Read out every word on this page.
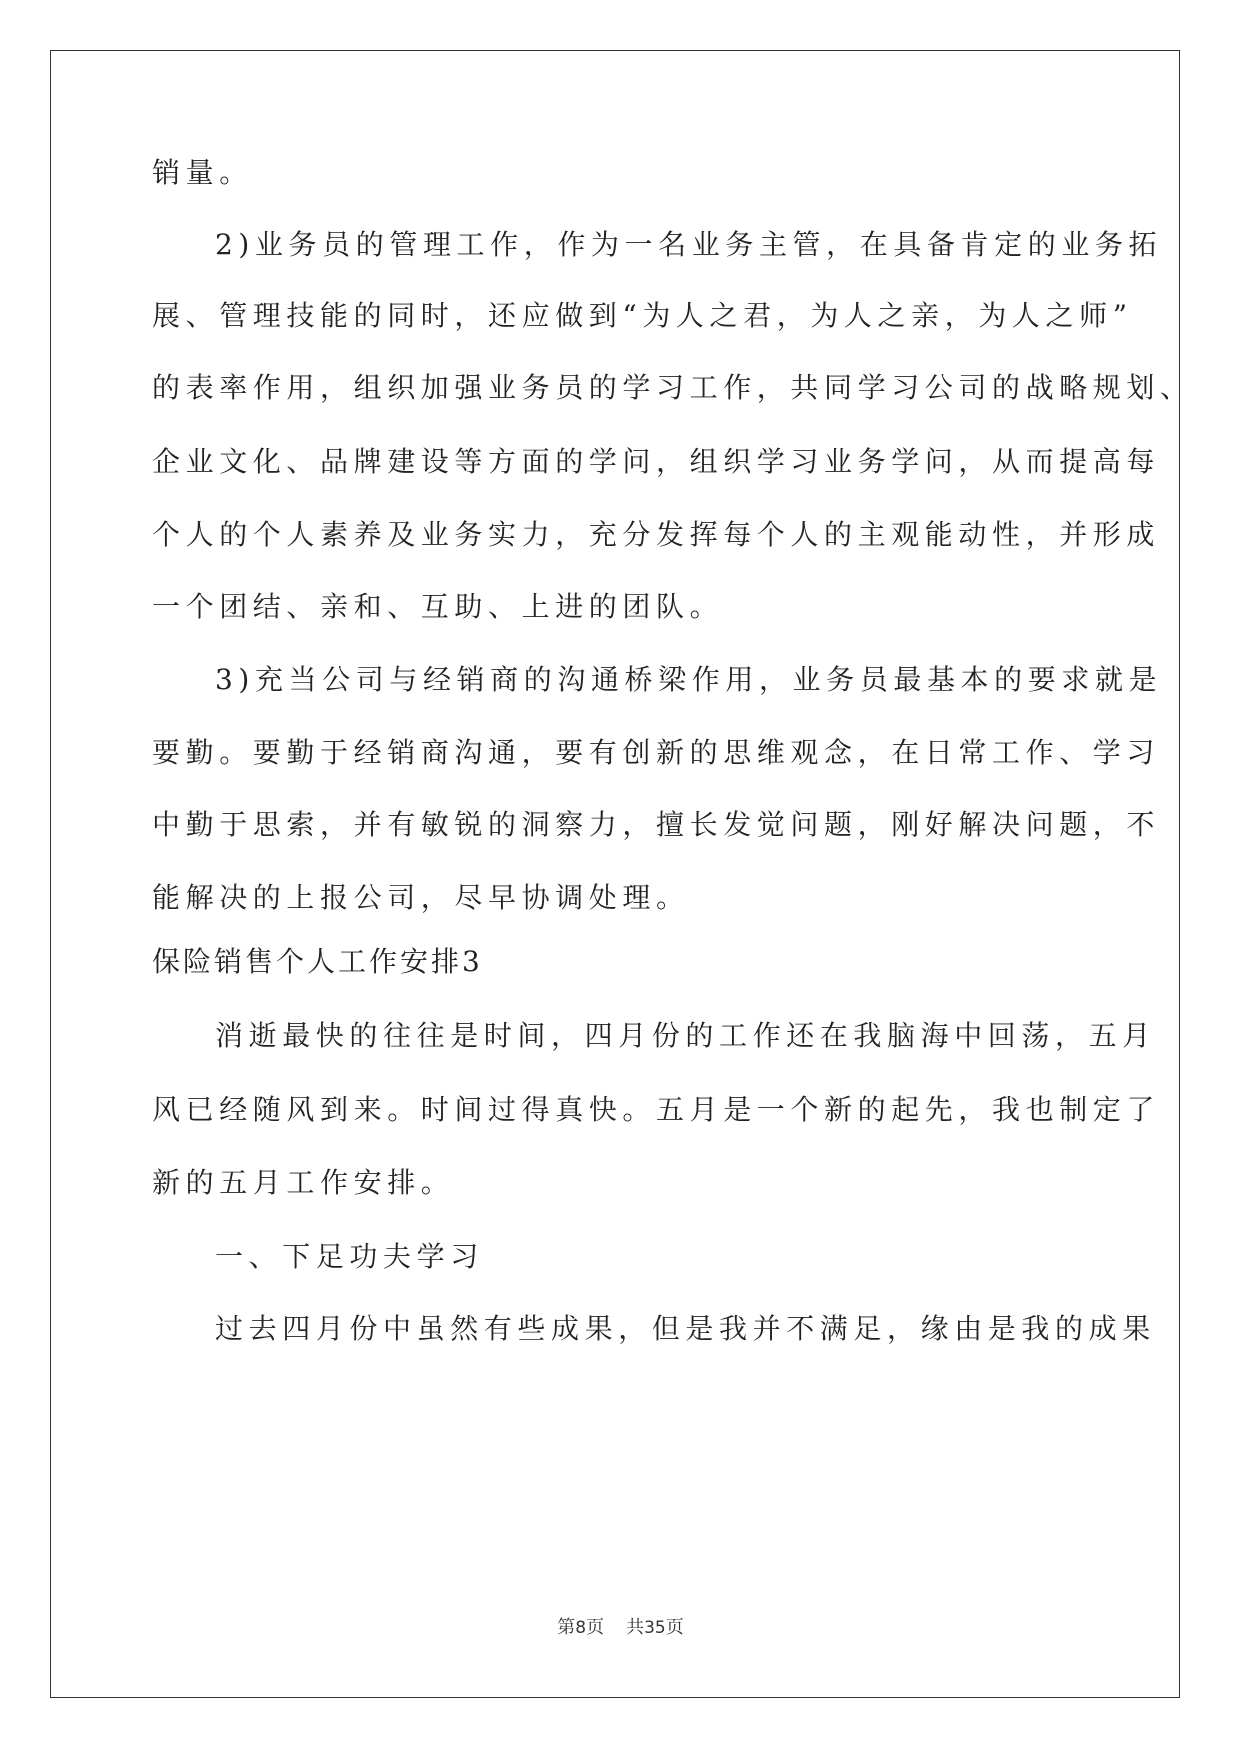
销量。
2)业务员的管理工作，作为一名业务主管，在具备肯定的业务拓
展、管理技能的同时，还应做到“为人之君，为人之亲，为人之师”
的表率作用，组织加强业务员的学习工作，共同学习公司的战略规划、
企业文化、品牌建设等方面的学问，组织学习业务学问，从而提高每
个人的个人素养及业务实力，充分发挥每个人的主观能动性，并形成
一个团结、亲和、互助、上进的团队。
3)充当公司与经销商的沟通桥梁作用，业务员最基本的要求就是
要勤。要勤于经销商沟通，要有创新的思维观念，在日常工作、学习
中勤于思索，并有敏锐的洞察力，擅长发觉问题，刚好解决问题，不
能解决的上报公司，尽早协调处理。
保险销售个人工作安排3
消逝最快的往往是时间，四月份的工作还在我脑海中回荡，五月
风已经随风到来。时间过得真快。五月是一个新的起先，我也制定了
新的五月工作安排。
一、下足功夫学习
过去四月份中虽然有些成果，但是我并不满足，缘由是我的成果
第8页 共35页
